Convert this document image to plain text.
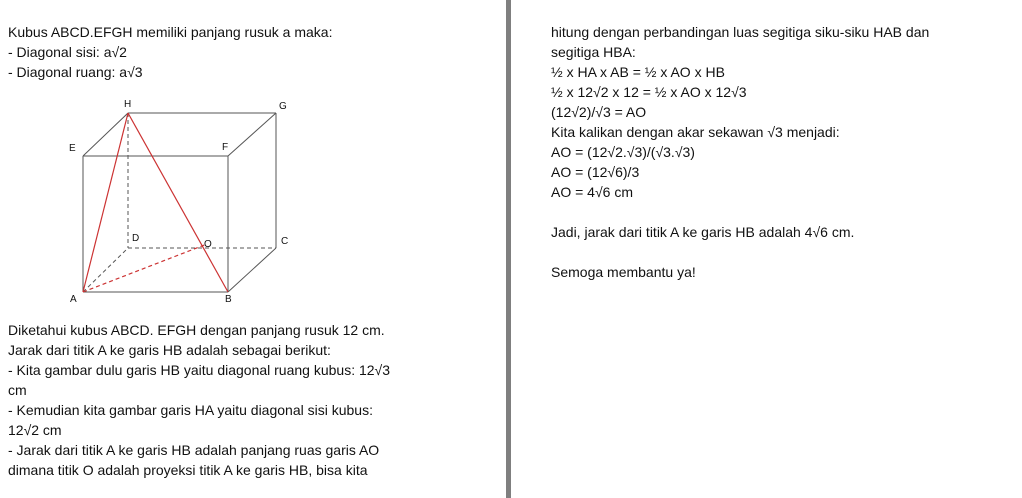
Kubus ABCD.EFGH memiliki panjang rusuk a maka:
- Diagonal sisi: a√2
- Diagonal ruang: a√3
H	G
E	F
D
O	C
A	B
Diketahui kubus ABCD. EFGH dengan panjang rusuk 12 cm.
Jarak dari titik A ke garis HB adalah sebagai berikut:
- Kita gambar dulu garis HB yaitu diagonal ruang kubus: 12√3
cm
- Kemudian kita gambar garis HA yaitu diagonal sisi kubus:
12√2 cm
- Jarak dari titik A ke garis HB adalah panjang ruas garis AO
dimana titik O adalah proyeksi titik A ke garis HB, bisa kita
hitung dengan perbandingan luas segitiga siku-siku HAB dan
segitiga HBA:
½ x HA x AB = ½ x AO x HB
½ x 12√2 x 12 = ½ x AO x 12√3
(12√2)/√3 = AO
Kita kalikan dengan akar sekawan √3 menjadi:
AO = (12√2.√3)/(√3.√3)
AO = (12√6)/3
AO = 4√6 cm
Jadi, jarak dari titik A ke garis HB adalah 4√6 cm.
Semoga membantu ya!
